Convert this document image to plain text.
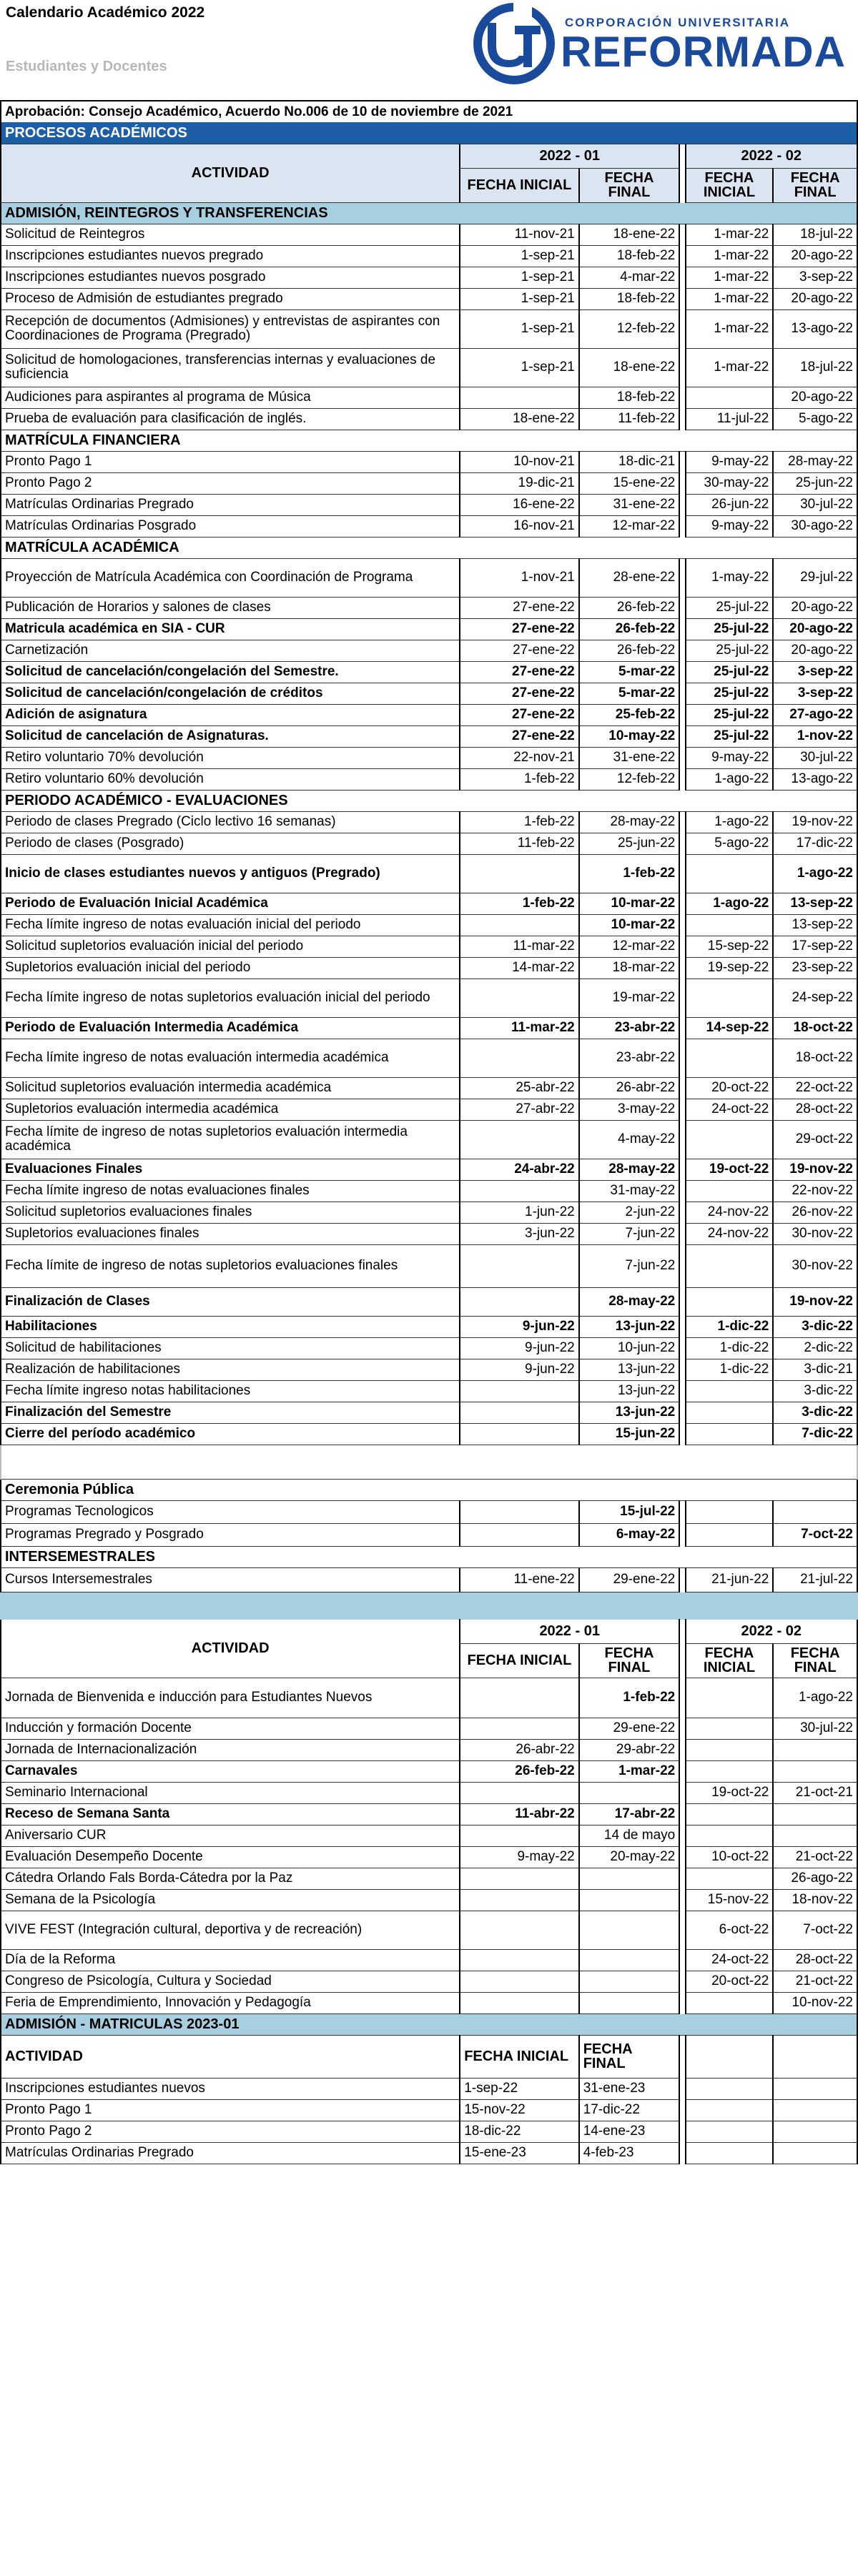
Calendario Académico 2022
Estudiantes y Docentes
CORPORACIÓN UNIVERSITARIA
REFORMADA
Aprobación: Consejo Académico, Acuerdo No.006 de 10 de noviembre de 2021					
PROCESOS ACADÉMICOS					
ACTIVIDAD	2022 - 01			2022 - 02	
	FECHA INICIAL	FECHA FINAL		FECHA INICIAL	FECHA FINAL
ADMISIÓN, REINTEGROS Y TRANSFERENCIAS					
Solicitud de Reintegros	11-nov-21	18-ene-22		1-mar-22	18-jul-22
Inscripciones estudiantes nuevos pregrado	1-sep-21	18-feb-22		1-mar-22	20-ago-22
Inscripciones estudiantes nuevos posgrado	1-sep-21	4-mar-22		1-mar-22	3-sep-22
Proceso de Admisión de estudiantes pregrado	1-sep-21	18-feb-22		1-mar-22	20-ago-22
Recepción de documentos (Admisiones) y entrevistas de aspirantes con Coordinaciones de Programa (Pregrado)	1-sep-21	12-feb-22		1-mar-22	13-ago-22
Solicitud de homologaciones, transferencias internas y evaluaciones de suficiencia	1-sep-21	18-ene-22		1-mar-22	18-jul-22
Audiciones para aspirantes al programa de Música		18-feb-22			20-ago-22
Prueba de evaluación para clasificación de inglés.	18-ene-22	11-feb-22		11-jul-22	5-ago-22
MATRÍCULA FINANCIERA					
Pronto Pago 1	10-nov-21	18-dic-21		9-may-22	28-may-22
Pronto Pago 2	19-dic-21	15-ene-22		30-may-22	25-jun-22
Matrículas Ordinarias Pregrado	16-ene-22	31-ene-22		26-jun-22	30-jul-22
Matrículas Ordinarias Posgrado	16-nov-21	12-mar-22		9-may-22	30-ago-22
MATRÍCULA ACADÉMICA					
Proyección de Matrícula Académica con Coordinación de Programa	1-nov-21	28-ene-22		1-may-22	29-jul-22
Publicación de Horarios y salones de clases	27-ene-22	26-feb-22		25-jul-22	20-ago-22
Matricula académica en SIA - CUR	27-ene-22	26-feb-22		25-jul-22	20-ago-22
Carnetización	27-ene-22	26-feb-22		25-jul-22	20-ago-22
Solicitud de cancelación/congelación del Semestre.	27-ene-22	5-mar-22		25-jul-22	3-sep-22
Solicitud de cancelación/congelación de créditos	27-ene-22	5-mar-22		25-jul-22	3-sep-22
Adición de asignatura	27-ene-22	25-feb-22		25-jul-22	27-ago-22
Solicitud de cancelación de Asignaturas.	27-ene-22	10-may-22		25-jul-22	1-nov-22
Retiro voluntario 70% devolución	22-nov-21	31-ene-22		9-may-22	30-jul-22
Retiro voluntario 60% devolución	1-feb-22	12-feb-22		1-ago-22	13-ago-22
PERIODO ACADÉMICO - EVALUACIONES					
Periodo de clases Pregrado (Ciclo lectivo 16 semanas)	1-feb-22	28-may-22		1-ago-22	19-nov-22
Periodo de clases (Posgrado)	11-feb-22	25-jun-22		5-ago-22	17-dic-22
Inicio de clases estudiantes nuevos y antiguos (Pregrado)		1-feb-22			1-ago-22
Periodo de Evaluación Inicial Académica	1-feb-22	10-mar-22		1-ago-22	13-sep-22
Fecha límite ingreso de notas evaluación inicial del periodo		10-mar-22			13-sep-22
Solicitud supletorios evaluación inicial del periodo	11-mar-22	12-mar-22		15-sep-22	17-sep-22
Supletorios evaluación inicial del periodo	14-mar-22	18-mar-22		19-sep-22	23-sep-22
Fecha límite ingreso de notas supletorios evaluación inicial del periodo		19-mar-22			24-sep-22
Periodo de Evaluación Intermedia Académica	11-mar-22	23-abr-22		14-sep-22	18-oct-22
Fecha límite ingreso de notas evaluación intermedia académica		23-abr-22			18-oct-22
Solicitud supletorios evaluación intermedia académica	25-abr-22	26-abr-22		20-oct-22	22-oct-22
Supletorios evaluación intermedia académica	27-abr-22	3-may-22		24-oct-22	28-oct-22
Fecha límite de ingreso de notas supletorios evaluación intermedia académica		4-may-22			29-oct-22
Evaluaciones Finales	24-abr-22	28-may-22		19-oct-22	19-nov-22
Fecha límite ingreso de notas evaluaciones finales		31-may-22			22-nov-22
Solicitud supletorios evaluaciones finales	1-jun-22	2-jun-22		24-nov-22	26-nov-22
Supletorios evaluaciones finales	3-jun-22	7-jun-22		24-nov-22	30-nov-22
Fecha límite de ingreso de notas supletorios evaluaciones finales		7-jun-22			30-nov-22
Finalización de Clases		28-may-22			19-nov-22
Habilitaciones	9-jun-22	13-jun-22		1-dic-22	3-dic-22
Solicitud de habilitaciones	9-jun-22	10-jun-22		1-dic-22	2-dic-22
Realización de habilitaciones	9-jun-22	13-jun-22		1-dic-22	3-dic-21
Fecha límite ingreso notas habilitaciones		13-jun-22			3-dic-22
Finalización del Semestre		13-jun-22			3-dic-22
Cierre del período académico		15-jun-22			7-dic-22

Ceremonia Pública					
Programas Tecnologicos		15-jul-22			
Programas Pregrado y Posgrado		6-may-22			7-oct-22
INTERSEMESTRALES					
Cursos Intersemestrales	11-ene-22	29-ene-22		21-jun-22	21-jul-22

ACTIVIDAD	2022 - 01			2022 - 02	
	FECHA INICIAL	FECHA FINAL		FECHA INICIAL	FECHA FINAL
Jornada de Bienvenida e inducción para Estudiantes Nuevos		1-feb-22			1-ago-22
Inducción y formación Docente		29-ene-22			30-jul-22
Jornada de Internacionalización	26-abr-22	29-abr-22			
Carnavales	26-feb-22	1-mar-22			
Seminario Internacional				19-oct-22	21-oct-21
Receso de Semana Santa	11-abr-22	17-abr-22			
Aniversario CUR		14 de mayo			
Evaluación Desempeño Docente	9-may-22	20-may-22		10-oct-22	21-oct-22
Cátedra Orlando Fals Borda-Cátedra por la Paz					26-ago-22
Semana de la Psicología				15-nov-22	18-nov-22
VIVE FEST (Integración cultural, deportiva y de recreación)				6-oct-22	7-oct-22
Día de la Reforma				24-oct-22	28-oct-22
Congreso de Psicología, Cultura y Sociedad				20-oct-22	21-oct-22
Feria de Emprendimiento, Innovación y Pedagogía					10-nov-22
ADMISIÓN - MATRICULAS 2023-01					
ACTIVIDAD	FECHA INICIAL	FECHA FINAL			
Inscripciones estudiantes nuevos	1-sep-22	31-ene-23			
Pronto Pago 1	15-nov-22	17-dic-22			
Pronto Pago 2	18-dic-22	14-ene-23			
Matrículas Ordinarias Pregrado	15-ene-23	4-feb-23			
